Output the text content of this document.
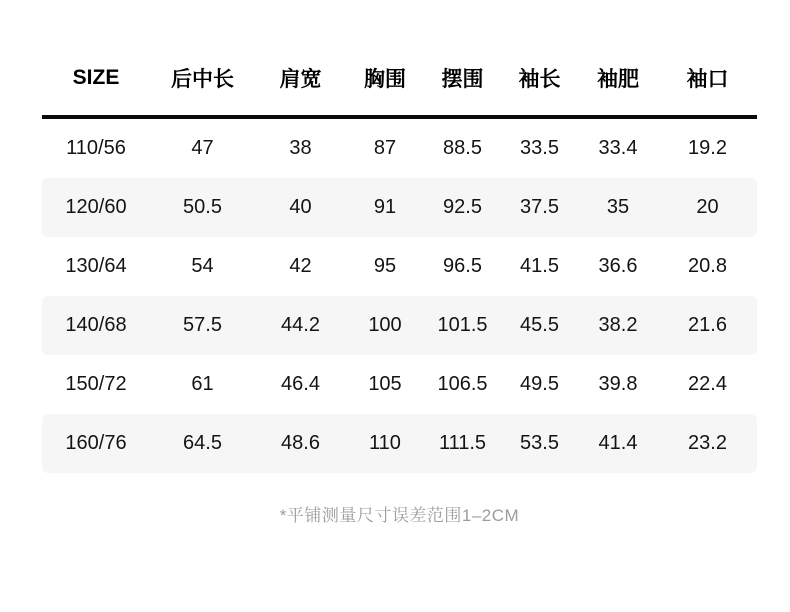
SIZE	后中长	肩宽	胸围	摆围	袖长	袖肥	袖口
110/56	47	38	87	88.5	33.5	33.4	19.2
120/60	50.5	40	91	92.5	37.5	35	20
130/64	54	42	95	96.5	41.5	36.6	20.8
140/68	57.5	44.2	100	101.5	45.5	38.2	21.6
150/72	61	46.4	105	106.5	49.5	39.8	22.4
160/76	64.5	48.6	110	111.5	53.5	41.4	23.2
*平铺测量尺寸误差范围1–2CM
